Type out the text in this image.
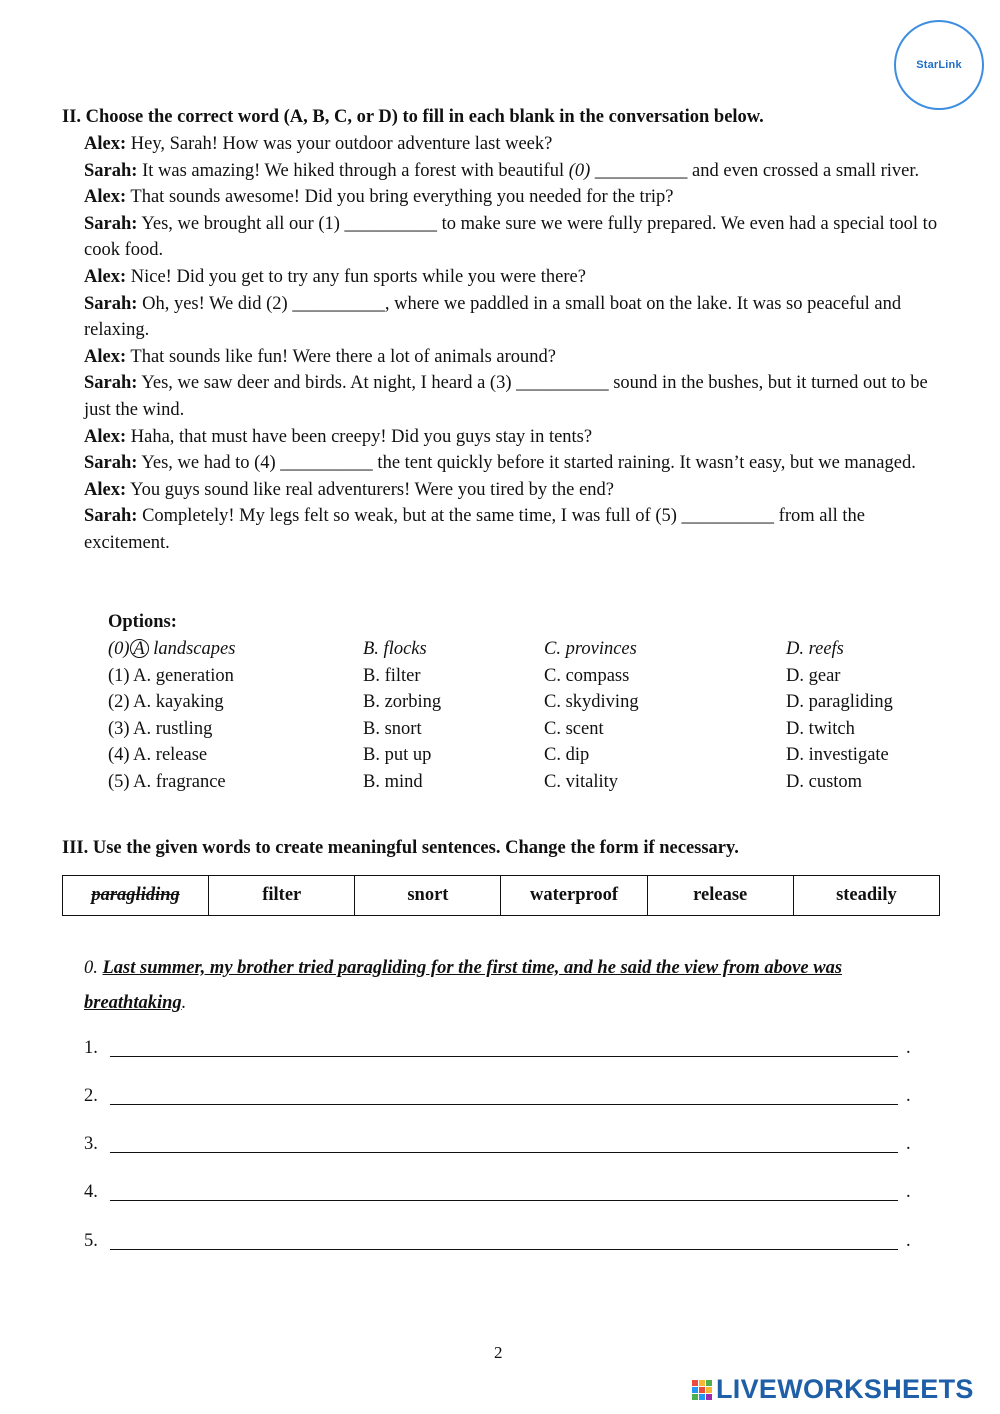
StarLink
II. Choose the correct word (A, B, C, or D) to fill in each blank in the conversation below.

Alex: Hey, Sarah! How was your outdoor adventure last week?

Sarah: It was amazing! We hiked through a forest with beautiful (0) __________ and even crossed a small river.

Alex: That sounds awesome! Did you bring everything you needed for the trip?

Sarah: Yes, we brought all our (1) __________ to make sure we were fully prepared. We even had a special tool to cook food.

Alex: Nice! Did you get to try any fun sports while you were there?

Sarah: Oh, yes! We did (2) __________, where we paddled in a small boat on the lake. It was so peaceful and relaxing.

Alex: That sounds like fun! Were there a lot of animals around?

Sarah: Yes, we saw deer and birds. At night, I heard a (3) __________ sound in the bushes, but it turned out to be just the wind.

Alex: Haha, that must have been creepy! Did you guys stay in tents?

Sarah: Yes, we had to (4) __________ the tent quickly before it started raining. It wasn’t easy, but we managed.

Alex: You guys sound like real adventurers! Were you tired by the end?

Sarah: Completely! My legs felt so weak, but at the same time, I was full of (5) __________ from all the excitement.

Options:
(0) A landscapes	B. flocks	C. provinces	D. reefs
(1) A. generation	B. filter	C. compass	D. gear
(2) A. kayaking	B. zorbing	C. skydiving	D. paragliding
(3) A. rustling	B. snort	C. scent	D. twitch
(4) A. release	B. put up	C. dip	D. investigate
(5) A. fragrance	B. mind	C. vitality	D. custom
III. Use the given words to create meaningful sentences. Change the form if necessary.
paragliding	filter	snort	waterproof	release	steadily
0. Last summer, my brother tried paragliding for the first time, and he said the view from above was breathtaking.
1.	.
2.	.
3.	.
4.	.
5.	.
2
LIVEWORKSHEETS
